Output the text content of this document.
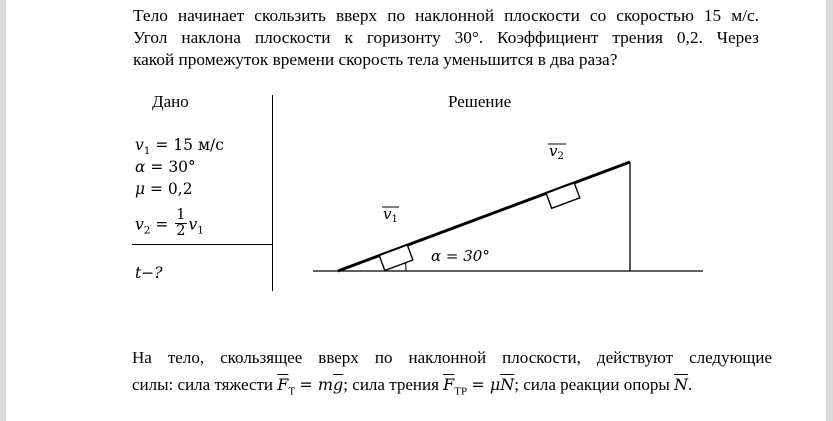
Тело начинает скользить вверх по наклонной плоскости со скоростью 15 м/с.
Угол наклона плоскости к горизонту 30°. Коэффициент трения 0,2. Через
какой промежуток времени скорость тела уменьшится в два раза?
Дано	Решение
$v_1 = 15$ м/с
α = 30°
μ = 0,2
$v_2 = \frac{1}{2} v_1$
t−?
α = 30°
$v_1$
$v_2$
На тело, скользящее вверх по наклонной плоскости, действуют следующие
силы: сила тяжести $\overline{F}_Т = m\overline{g}$; сила трения $\overline{F}_{ТР} = \mu\overline{N}$; сила реакции опоры $\overline{N}$.
